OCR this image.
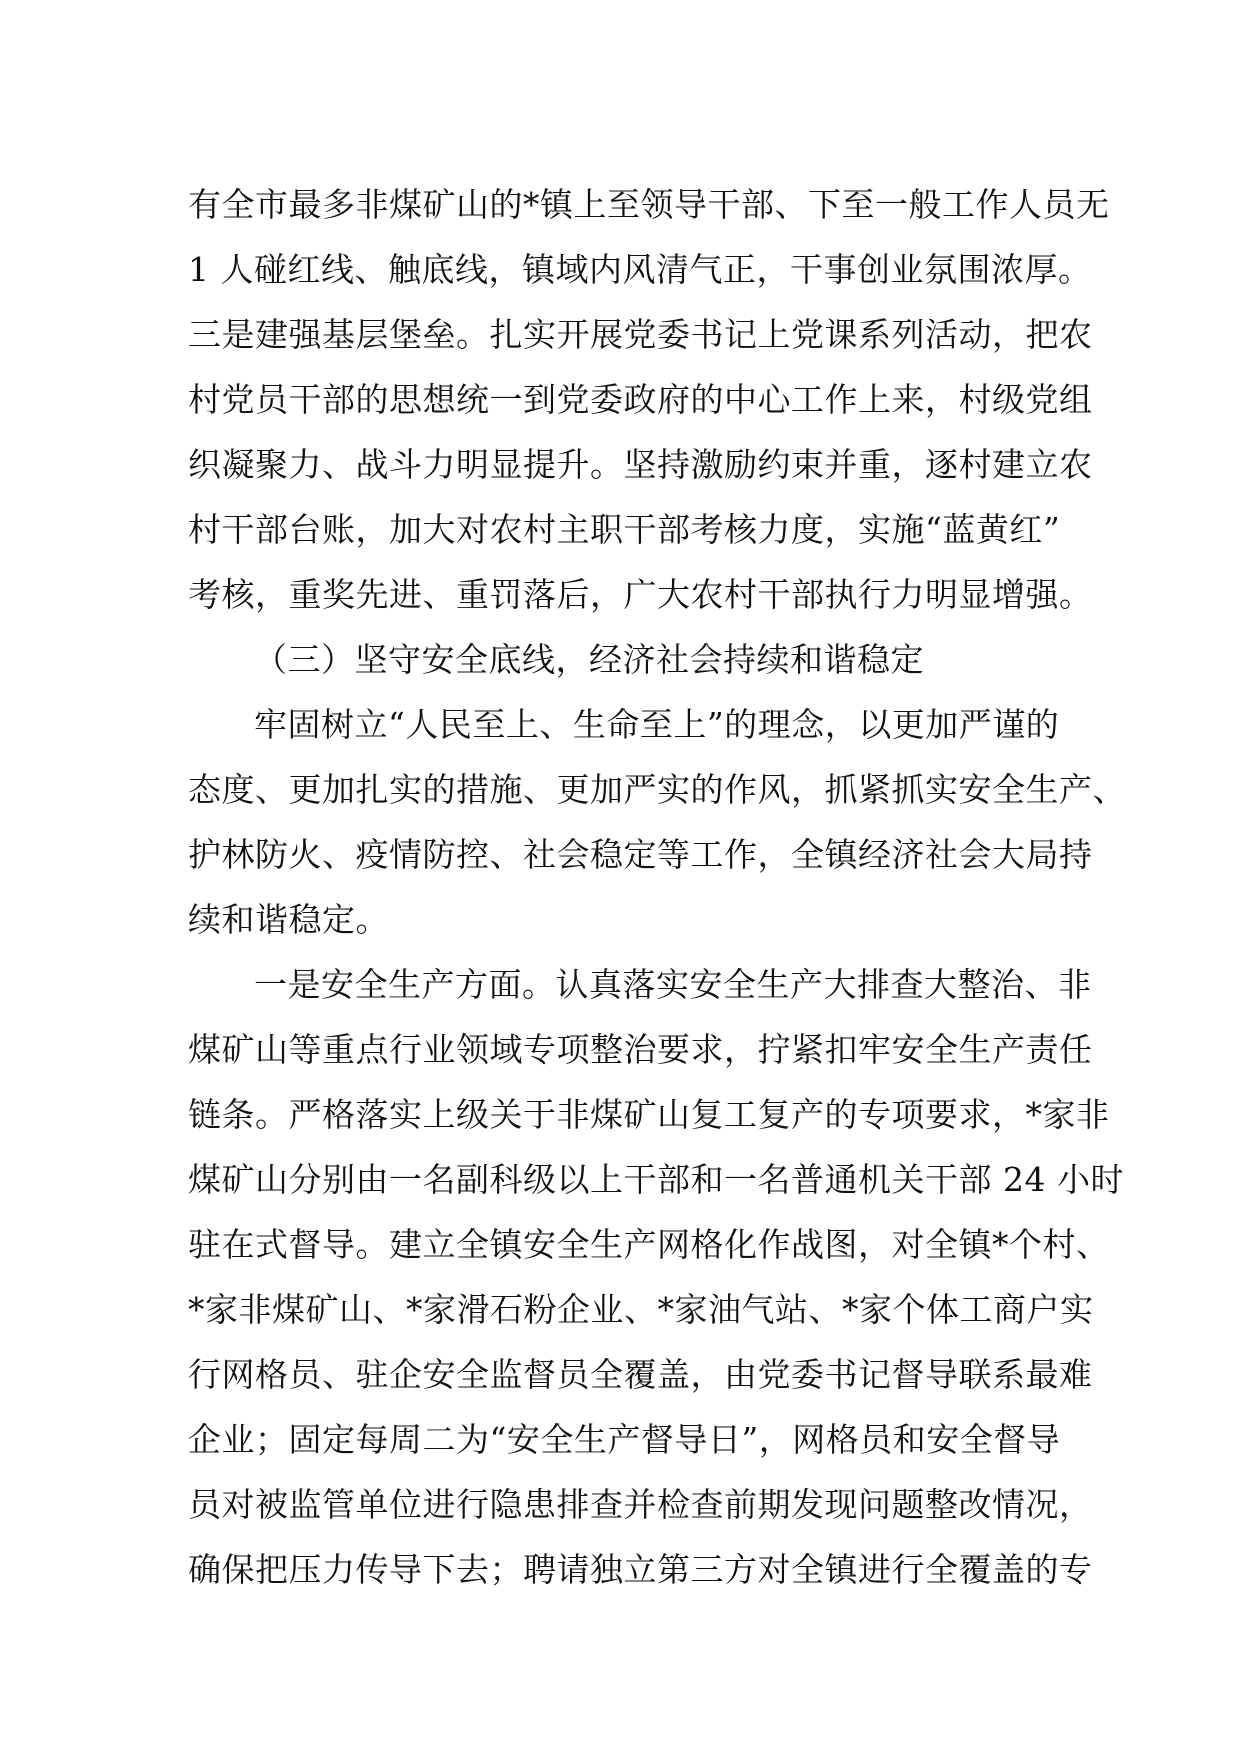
有全市最多非煤矿山的*镇上至领导干部、下至一般工作人员无
1 人碰红线、触底线，镇域内风清气正，干事创业氛围浓厚。
三是建强基层堡垒。扎实开展党委书记上党课系列活动，把农
村党员干部的思想统一到党委政府的中心工作上来，村级党组
织凝聚力、战斗力明显提升。坚持激励约束并重，逐村建立农
村干部台账，加大对农村主职干部考核力度，实施“蓝黄红”
考核，重奖先进、重罚落后，广大农村干部执行力明显增强。
（三）坚守安全底线，经济社会持续和谐稳定
牢固树立“人民至上、生命至上”的理念，以更加严谨的
态度、更加扎实的措施、更加严实的作风，抓紧抓实安全生产、
护林防火、疫情防控、社会稳定等工作，全镇经济社会大局持
续和谐稳定。
一是安全生产方面。认真落实安全生产大排查大整治、非
煤矿山等重点行业领域专项整治要求，拧紧扣牢安全生产责任
链条。严格落实上级关于非煤矿山复工复产的专项要求，*家非
煤矿山分别由一名副科级以上干部和一名普通机关干部 24 小时
驻在式督导。建立全镇安全生产网格化作战图，对全镇*个村、
*家非煤矿山、*家滑石粉企业、*家油气站、*家个体工商户实
行网格员、驻企安全监督员全覆盖，由党委书记督导联系最难
企业；固定每周二为“安全生产督导日”，网格员和安全督导
员对被监管单位进行隐患排查并检查前期发现问题整改情况，
确保把压力传导下去；聘请独立第三方对全镇进行全覆盖的专
